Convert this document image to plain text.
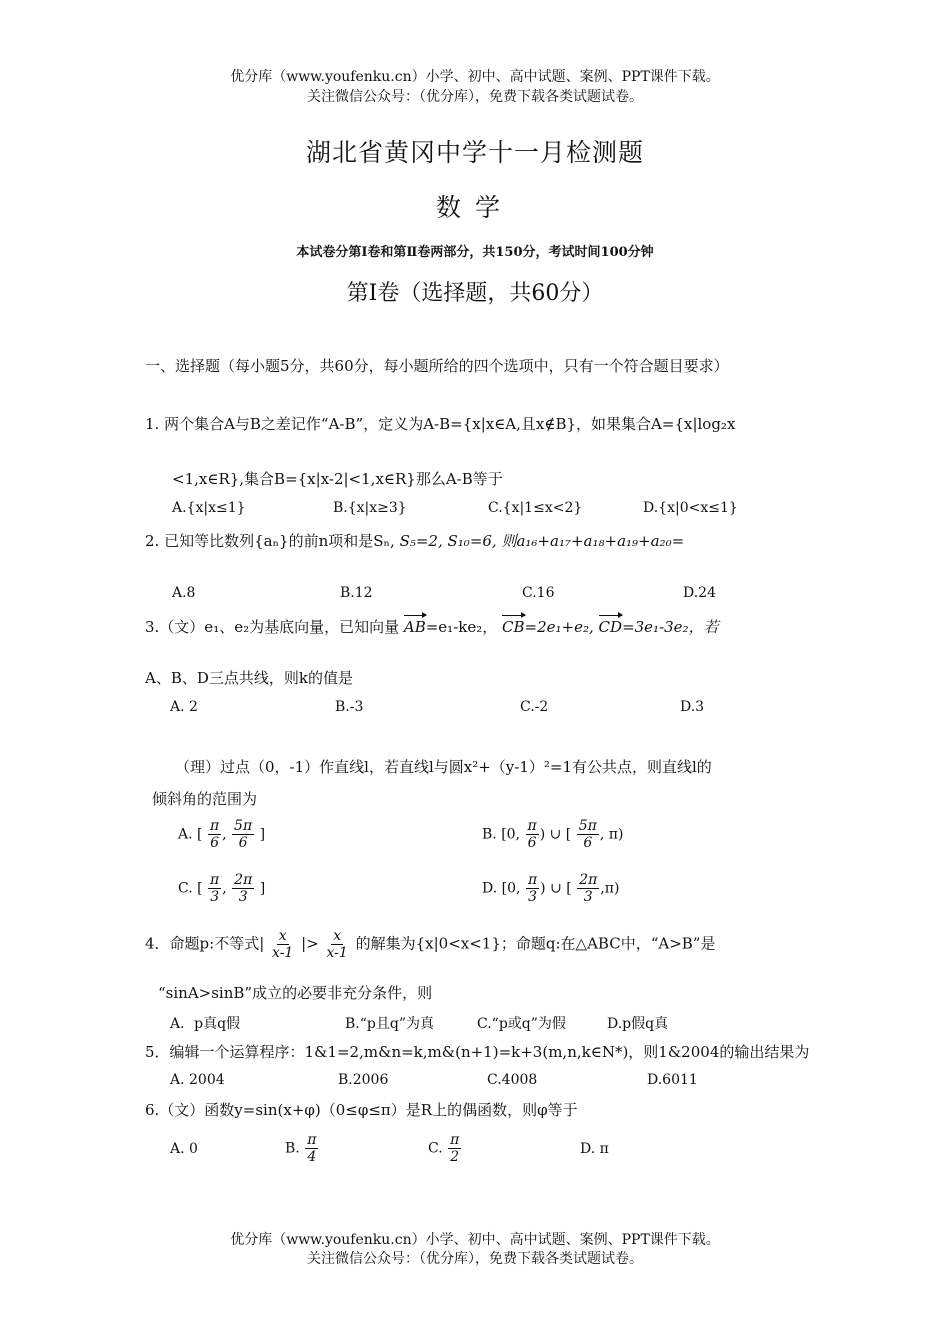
优分库（www.youfenku.cn）小学、初中、高中试题、案例、PPT课件下载。
关注微信公众号：（优分库），免费下载各类试题试卷。
湖北省黄冈中学十一月检测题
数学
本试卷分第Ⅰ卷和第Ⅱ卷两部分，共150分，考试时间100分钟
第Ⅰ卷（选择题，共60分）
一、选择题（每小题5分，共60分，每小题所给的四个选项中，只有一个符合题目要求）
1. 两个集合A与B之差记作“A-B”，定义为A-B={x|x∈A,且x∉B}，如果集合A={x|log₂x
<1,x∈R},集合B={x|x-2|<1,x∈R}那么A-B等于
A.{x|x≤1}	B.{x|x≥3}	C.{x|1≤x<2}	D.{x|0<x≤1}
2. 已知等比数列{aₙ}的前n项和是Sₙ, S₅=2, S₁₀=6, 则a₁₆+a₁₇+a₁₈+a₁₉+a₂₀=
A.8	B.12	C.16	D.24
3.（文）e₁、e₂为基底向量，已知向量 AB=e₁-ke₂， CB=2e₁+e₂, CD=3e₁-3e₂，若
A、B、D三点共线，则k的值是
A. 2	B.-3	C.-2	D.3
（理）过点（0，-1）作直线l，若直线l与圆x²+（y-1）²=1有公共点，则直线l的
倾斜角的范围为
A. [ $\frac{\pi}{6}$ , $\frac{5\pi}{6}$ ]	B. [0, $\frac{\pi}{6}$ ) ∪ [ $\frac{5\pi}{6}$ , π)
C. [ $\frac{\pi}{3}$ , $\frac{2\pi}{3}$ ]	D. [0, $\frac{\pi}{3}$ ) ∪ [ $\frac{2\pi}{3} ,\pi$)
4．命题p:不等式| $\frac{x}{x-1}$ |> $\frac{x}{x-1}$ 的解集为{x|0<x<1}；命题q:在△ABC中，“A>B”是
“sinA>sinB”成立的必要非充分条件，则
A．p真q假	B.“p且q”为真	C.“p或q”为假	D.p假q真
5．编辑一个运算程序：1&1=2,m&n=k,m&(n+1)=k+3(m,n,k∈N*)，则1&2004的输出结果为
A. 2004	B.2006	C.4008	D.6011
6.（文）函数y=sin(x+φ)（0≤φ≤π）是R上的偶函数，则φ等于
A. 0	B. $\frac{\pi}{4}$	C. $\frac{\pi}{2}$	D. π
优分库（www.youfenku.cn）小学、初中、高中试题、案例、PPT课件下载。
关注微信公众号：（优分库），免费下载各类试题试卷。
